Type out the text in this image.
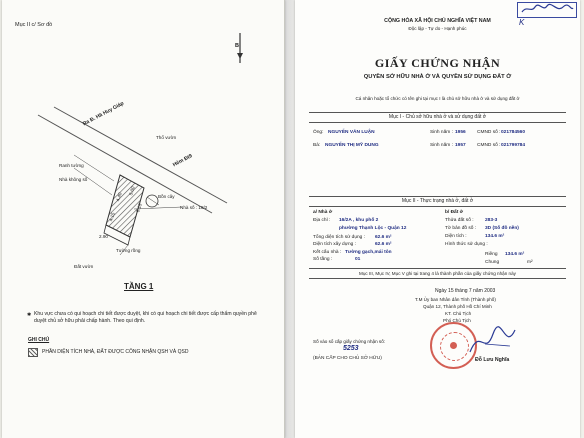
Mục II c/ Sơ đồ
B
Ra Đ. Hà Huy Giáp
Hẻm Đt9
Thổ vườn
Ranh tường
Nhà không số
Bồn cây
Nhà số : 18/2
Tường rồng
Đất vườn
2.90
4.40
5.00
6.15
4.15
TẦNG 1
Khu vực chưa có qui hoạch chi tiết được duyệt, khi có qui hoạch chi tiết được cấp thẩm quyền phê duyệt chủ sở hữu phải chấp hành. Theo qui định.
✱
GHI CHÚ
PHẦN DIỆN TÍCH NHÀ, ĐẤT ĐƯỢC CÔNG NHẬN QSH VÀ QSD
K
CỘNG HÒA XÃ HỘI CHỦ NGHĨA VIỆT NAM
Độc lập - Tự do - Hạnh phúc
GIẤY CHỨNG NHẬN
QUYỀN SỞ HỮU NHÀ Ở VÀ QUYỀN SỬ DỤNG ĐẤT Ở
Cá nhân hoặc tổ chức có tên ghi tại mục I là chủ sở hữu nhà ở và sử dụng đất ở
Mục I - Chủ sở hữu nhà ở và sử dụng đất ở
Ông: NGUYỄN VĂN LUẬN	Sinh năm : 1956 CMND số : 021784560
Bà: NGUYỄN THỊ MỸ DUNG	Sinh năm : 1957 CMND số : 021799784
Mục II - Thực trạng nhà ở, đất ở
a/ Nhà ở
Địa chỉ : 16/2A , khu phố 2
phường Thạnh Lộc - Quận 12
Tổng diện tích sử dụng : 62.6 m²
Diện tích xây dựng :	62.6 m²
Kết cấu nhà : Tường gạch,mái tôn
Số tầng :	01
b/ Đất ở
Thửa đất số : 283-3
Tờ bản đồ số : 3D (Số đồ nền)
Diện tích :	134.6 m²
Hình thức sử dụng :
Riêng 134.6 m²
Chung	m²
Mục III, Mục IV, Mục V ghi tại trang 4 là thành phần của giấy chứng nhận này
Ngày 15 tháng 7 năm 2003
T.M Ủy ban Nhân dân Tỉnh (Thành phố)
Quận 12, Thành phố Hồ Chí Minh
KT. Chủ Tịch
Phó Chủ Tịch
Số vào sổ cấp giấy chứng nhận số:
5253
(BẢN CẤP CHO CHỦ SỞ HỮU)	Đỗ Lưu Nghĩa
